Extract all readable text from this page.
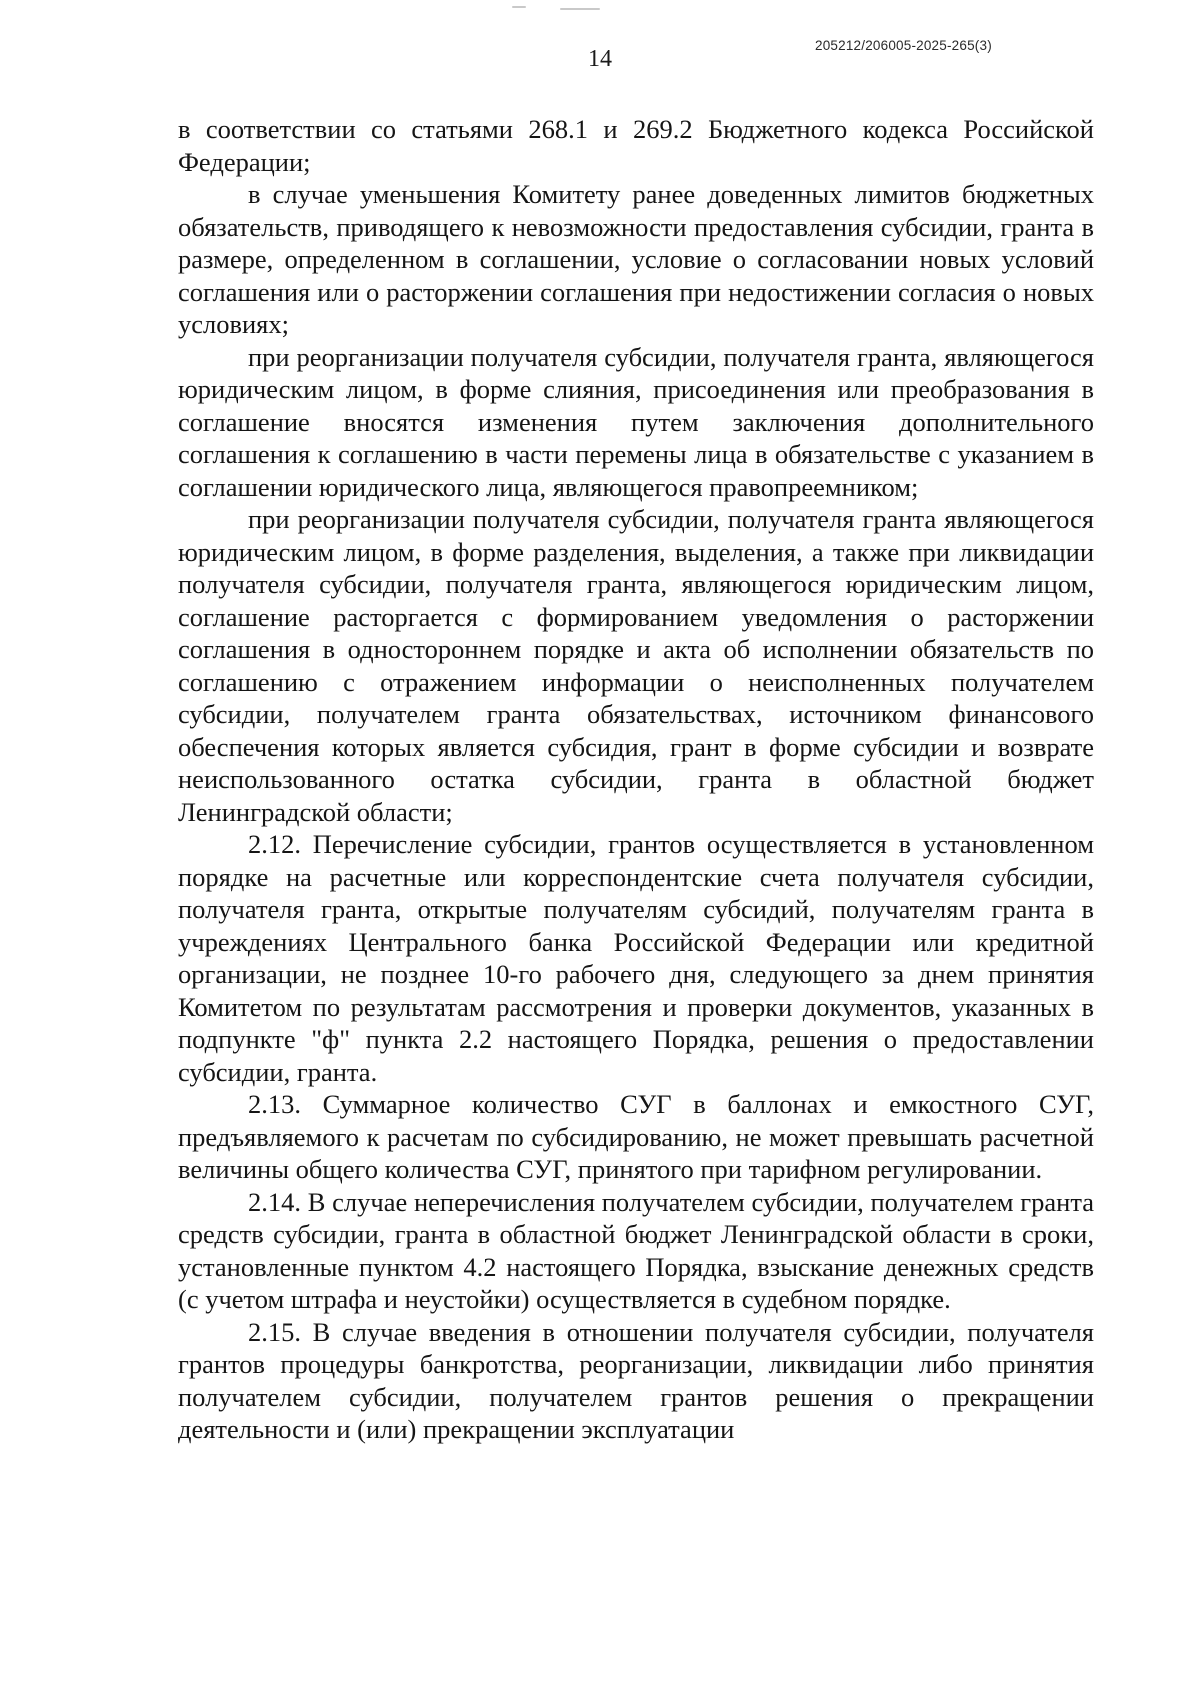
14
205212/206005-2025-265(3)

в соответствии со статьями 268.1 и 269.2 Бюджетного кодекса Российской Федерации;

в случае уменьшения Комитету ранее доведенных лимитов бюджетных обязательств, приводящего к невозможности предоставления субсидии, гранта в размере, определенном в соглашении, условие о согласовании новых условий соглашения или о расторжении соглашения при недостижении согласия о новых условиях;

при реорганизации получателя субсидии, получателя гранта, являющегося юридическим лицом, в форме слияния, присоединения или преобразования в соглашение вносятся изменения путем заключения дополнительного соглашения к соглашению в части перемены лица в обязательстве с указанием в соглашении юридического лица, являющегося правопреемником;

при реорганизации получателя субсидии, получателя гранта являющегося юридическим лицом, в форме разделения, выделения, а также при ликвидации получателя субсидии, получателя гранта, являющегося юридическим лицом, соглашение расторгается с формированием уведомления о расторжении соглашения в одностороннем порядке и акта об исполнении обязательств по соглашению с отражением информации о неисполненных получателем субсидии, получателем гранта обязательствах, источником финансового обеспечения которых является субсидия, грант в форме субсидии и возврате неиспользованного остатка субсидии, гранта в областной бюджет Ленинградской области;

2.12. Перечисление субсидии, грантов осуществляется в установленном порядке на расчетные или корреспондентские счета получателя субсидии, получателя гранта, открытые получателям субсидий, получателям гранта в учреждениях Центрального банка Российской Федерации или кредитной организации, не позднее 10-го рабочего дня, следующего за днем принятия Комитетом по результатам рассмотрения и проверки документов, указанных в подпункте "ф" пункта 2.2 настоящего Порядка, решения о предоставлении субсидии, гранта.

2.13. Суммарное количество СУГ в баллонах и емкостного СУГ, предъявляемого к расчетам по субсидированию, не может превышать расчетной величины общего количества СУГ, принятого при тарифном регулировании.

2.14. В случае неперечисления получателем субсидии, получателем гранта средств субсидии, гранта в областной бюджет Ленинградской области в сроки, установленные пунктом 4.2 настоящего Порядка, взыскание денежных средств (с учетом штрафа и неустойки) осуществляется в судебном порядке.

2.15. В случае введения в отношении получателя субсидии, получателя грантов процедуры банкротства, реорганизации, ликвидации либо принятия получателем субсидии, получателем грантов решения о прекращении деятельности и (или) прекращении эксплуатации
